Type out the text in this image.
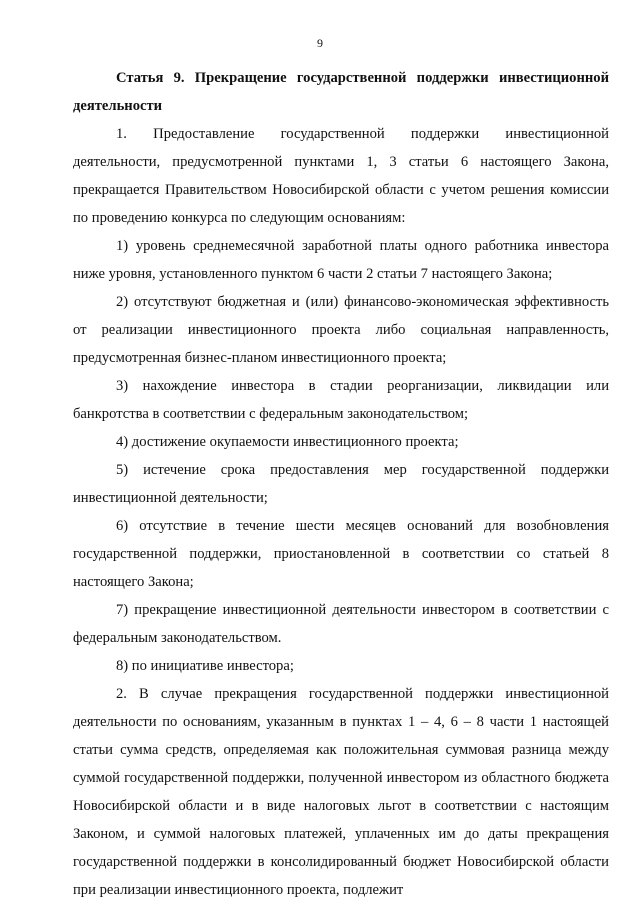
9

Статья 9. Прекращение государственной поддержки инвестиционной деятельности

1. Предоставление государственной поддержки инвестиционной деятельности, предусмотренной пунктами 1, 3 статьи 6 настоящего Закона, прекращается Правительством Новосибирской области с учетом решения комиссии по проведению конкурса по следующим основаниям:

1) уровень среднемесячной заработной платы одного работника инвестора ниже уровня, установленного пунктом 6 части 2 статьи 7 настоящего Закона;

2) отсутствуют бюджетная и (или) финансово-экономическая эффективность от реализации инвестиционного проекта либо социальная направленность, предусмотренная бизнес-планом инвестиционного проекта;

3) нахождение инвестора в стадии реорганизации, ликвидации или банкротства в соответствии с федеральным законодательством;

4) достижение окупаемости инвестиционного проекта;

5) истечение срока предоставления мер государственной поддержки инвестиционной деятельности;

6) отсутствие в течение шести месяцев оснований для возобновления государственной поддержки, приостановленной в соответствии со статьей 8 настоящего Закона;

7) прекращение инвестиционной деятельности инвестором в соответствии с федеральным законодательством.

8) по инициативе инвестора;

2. В случае прекращения государственной поддержки инвестиционной деятельности по основаниям, указанным в пунктах 1 – 4, 6 – 8 части 1 настоящей статьи сумма средств, определяемая как положительная суммовая разница между суммой государственной поддержки, полученной инвестором из областного бюджета Новосибирской области и в виде налоговых льгот в соответствии с настоящим Законом, и суммой налоговых платежей, уплаченных им до даты прекращения государственной поддержки в консолидированный бюджет Новосибирской области при реализации инвестиционного проекта, подлежит
